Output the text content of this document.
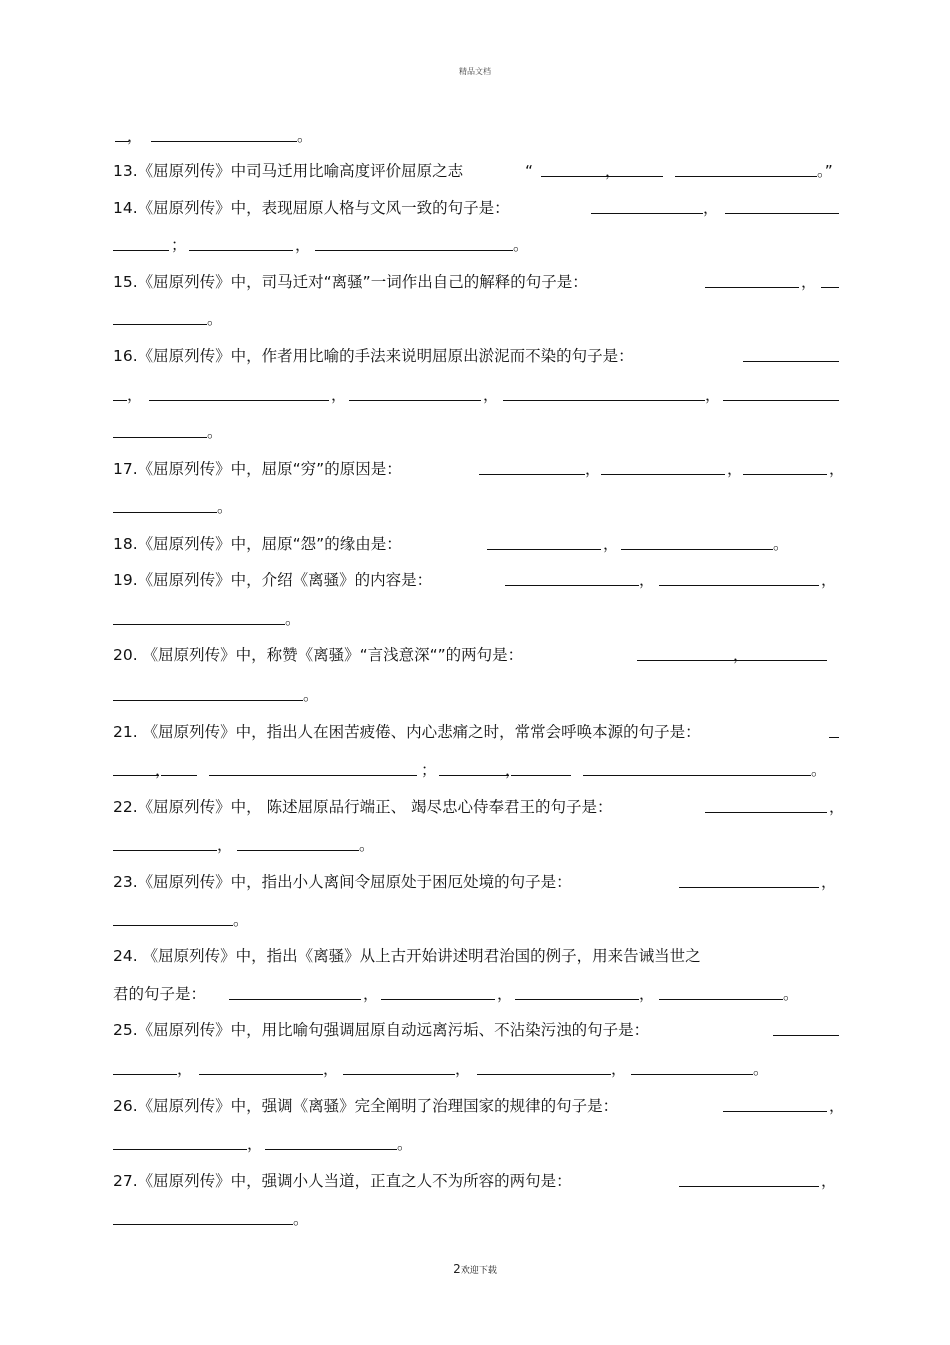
精品文档
，	。
13.《屈原列传》中司马迁用比喻高度评价屈原之志	“	，	。”
14.《屈原列传》中，表现屈原人格与文风一致的句子是：	，
；	，	。
15.《屈原列传》中，司马迁对“离骚”一词作出自己的解释的句子是：	，
。
16.《屈原列传》中，作者用比喻的手法来说明屈原出淤泥而不染的句子是：
，	，	，	，
。
17.《屈原列传》中，屈原“穷”的原因是：	，	，	，
。
18.《屈原列传》中，屈原“怨”的缘由是：	，	。
19.《屈原列传》中，介绍《离骚》的内容是：	，	，
。
20. 《屈原列传》中，称赞《离骚》“言浅意深“”的两句是：	，
。
21. 《屈原列传》中，指出人在困苦疲倦、内心悲痛之时，常常会呼唤本源的句子是：
，	；	，	。
22.《屈原列传》中， 陈述屈原品行端正、 竭尽忠心侍奉君王的句子是：	，
，	。
23.《屈原列传》中，指出小人离间令屈原处于困厄处境的句子是：	，
。
24. 《屈原列传》中，指出《离骚》从上古开始讲述明君治国的例子，用来告诫当世之
君的句子是：	，	，	，	。
25.《屈原列传》中，用比喻句强调屈原自动远离污垢、不沾染污浊的句子是：
，	，	，	，	。
26.《屈原列传》中，强调《离骚》完全阐明了治理国家的规律的句子是：	，
，	。
27.《屈原列传》中，强调小人当道，正直之人不为所容的两句是：	，
。
2欢迎下载
